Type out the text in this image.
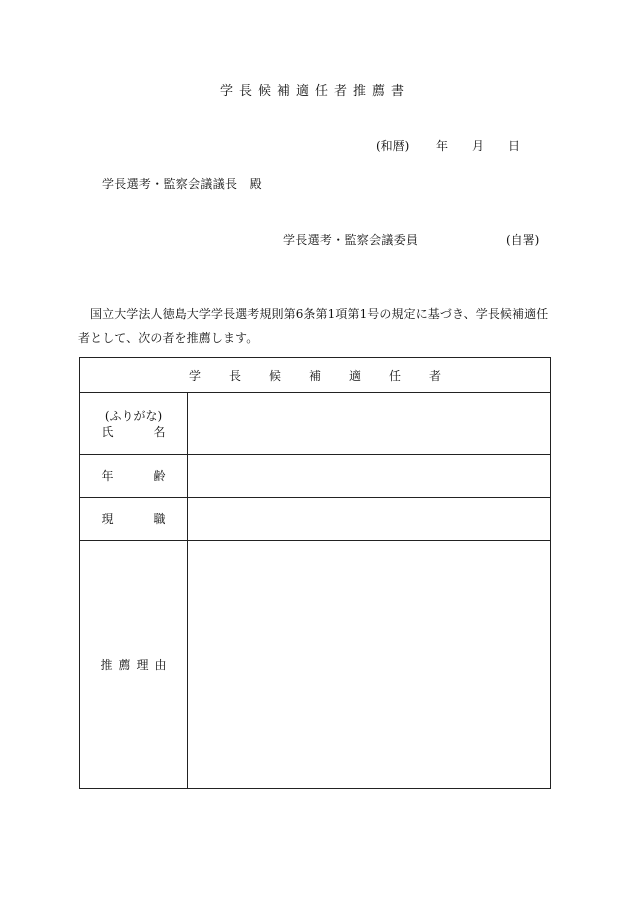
学長候補適任者推薦書
(和暦) 年 月 日
学長選考・監察会議議長　殿
学長選考・監察会議委員	(自署)
国立大学法人徳島大学学長選考規則第6条第1項第1号の規定に基づき、学長候補適任者として、次の者を推薦します。
学長候補適任者	

(ふりがな)
氏名	
年齢	
現職	
推薦理由	
